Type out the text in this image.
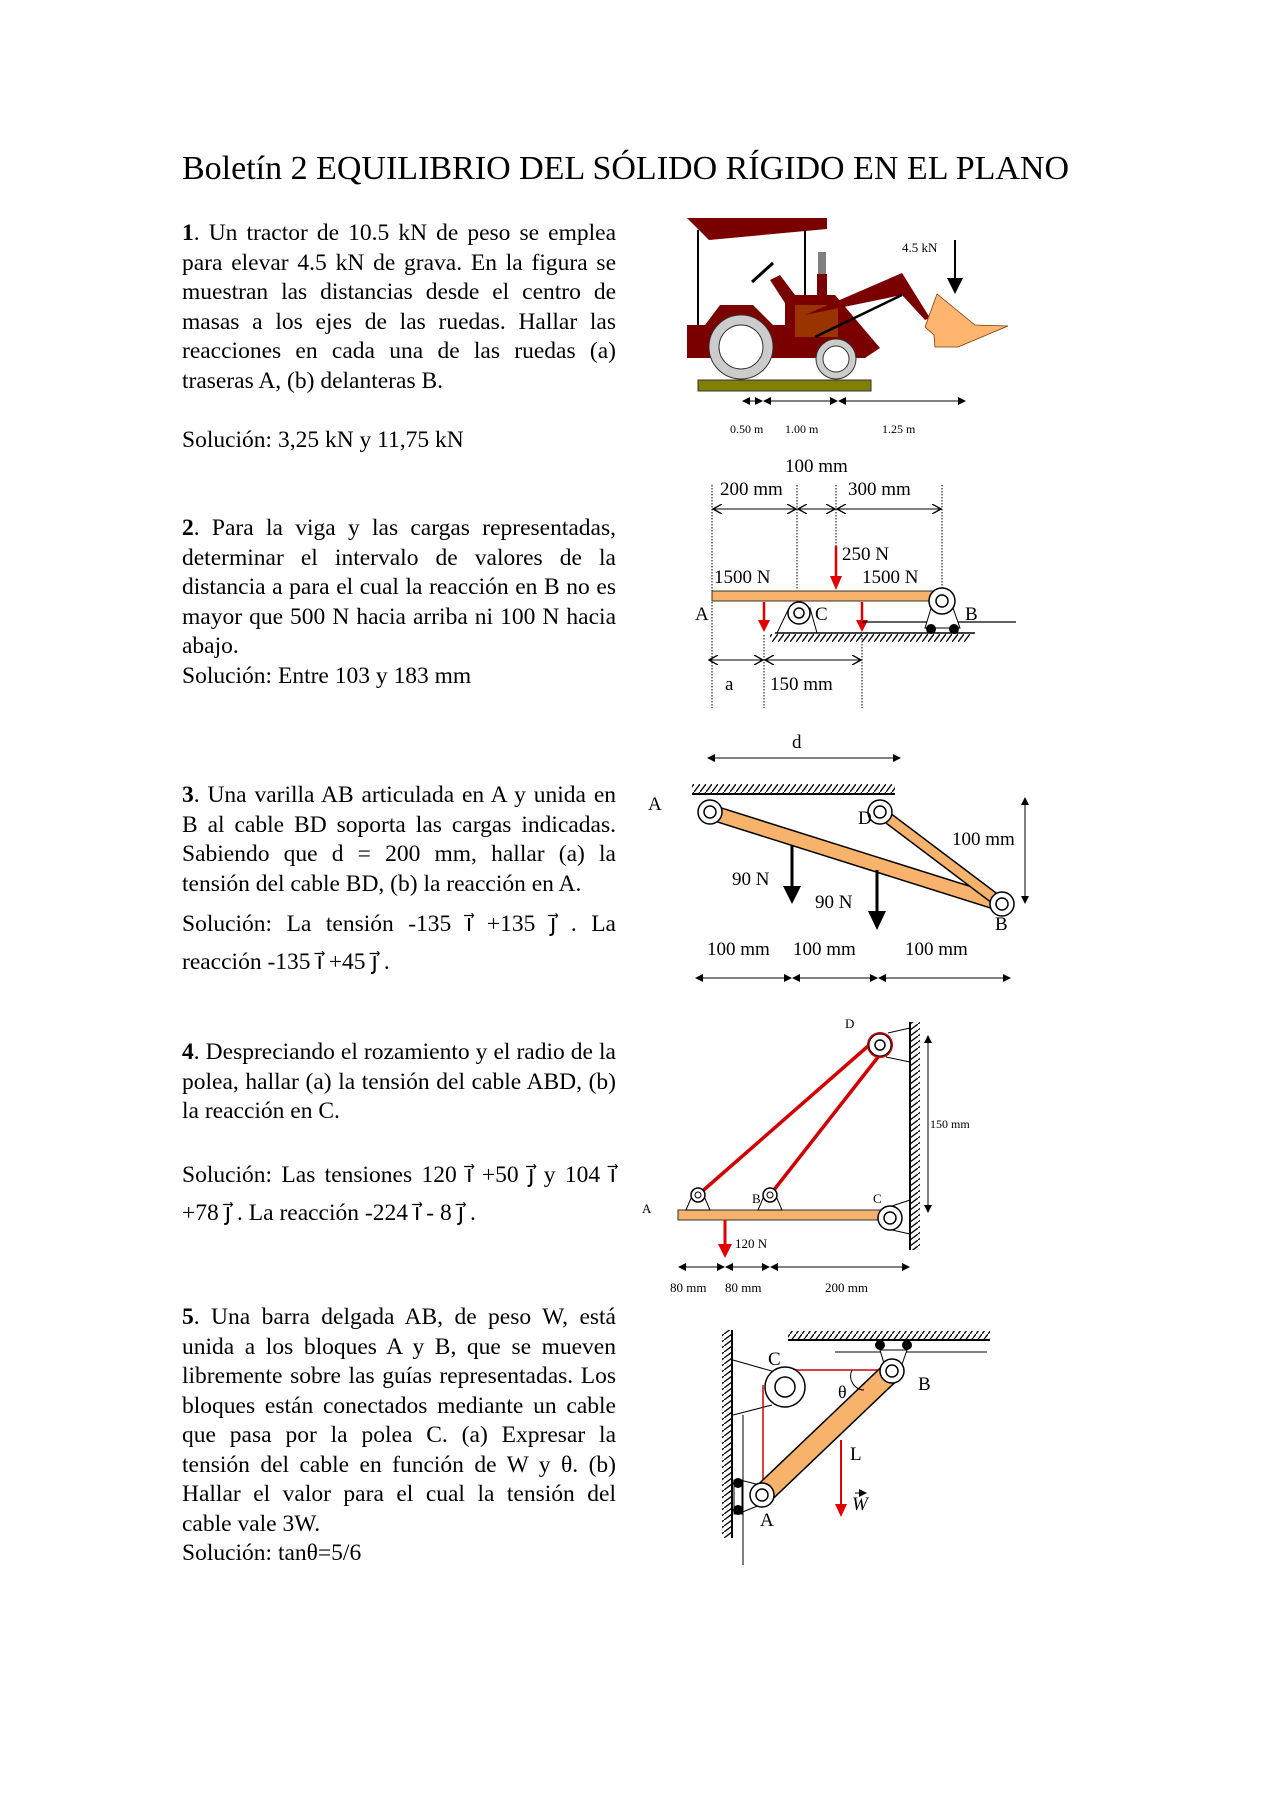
Boletín 2 EQUILIBRIO DEL SÓLIDO RÍGIDO EN EL PLANO
1. Un tractor de 10.5 kN de peso se emplea para elevar 4.5 kN de grava. En la figura se muestran las distancias desde el centro de masas a los ejes de las ruedas. Hallar las reacciones en cada una de las ruedas (a) traseras A, (b) delanteras B.
Solución: 3,25 kN y 11,75 kN
2. Para la viga y las cargas representadas, determinar el intervalo de valores de la distancia a para el cual la reacción en B no es mayor que 500 N hacia arriba ni 100 N hacia abajo.
Solución: Entre 103 y 183 mm
3. Una varilla AB articulada en A y unida en B al cable BD soporta las cargas indicadas. Sabiendo que d = 200 mm, hallar (a) la tensión del cable BD, (b) la reacción en A.
Solución: La tensión -135 i⃗ +135 j⃗ . La reacción -135 i⃗ +45 j⃗ .
4. Despreciando el rozamiento y el radio de la polea, hallar (a) la tensión del cable ABD, (b) la reacción en C.
Solución: Las tensiones 120 i⃗ +50 j⃗ y 104 i⃗ +78 j⃗ . La reacción -224 i⃗ - 8 j⃗ .
5. Una barra delgada AB, de peso W, está unida a los bloques A y B, que se mueven libremente sobre las guías representadas. Los bloques están conectados mediante un cable que pasa por la polea C. (a) Expresar la tensión del cable en función de W y θ. (b) Hallar el valor para el cual la tensión del cable vale 3W.
Solución: tanθ=5/6
4.5 kN
0.50 m 1.00 m	1.25 m
200 mm
100 mm
300 mm
250 N
1500 N	1500 N
C	B
A
a 150 mm
d
A
D
B
90 N
90 N
100 mm
100 mm 100 mm	100 mm
D
C
A
B
120 N
150 mm
80 mm 80 mm	200 mm
C
B
A
θ
L
W
